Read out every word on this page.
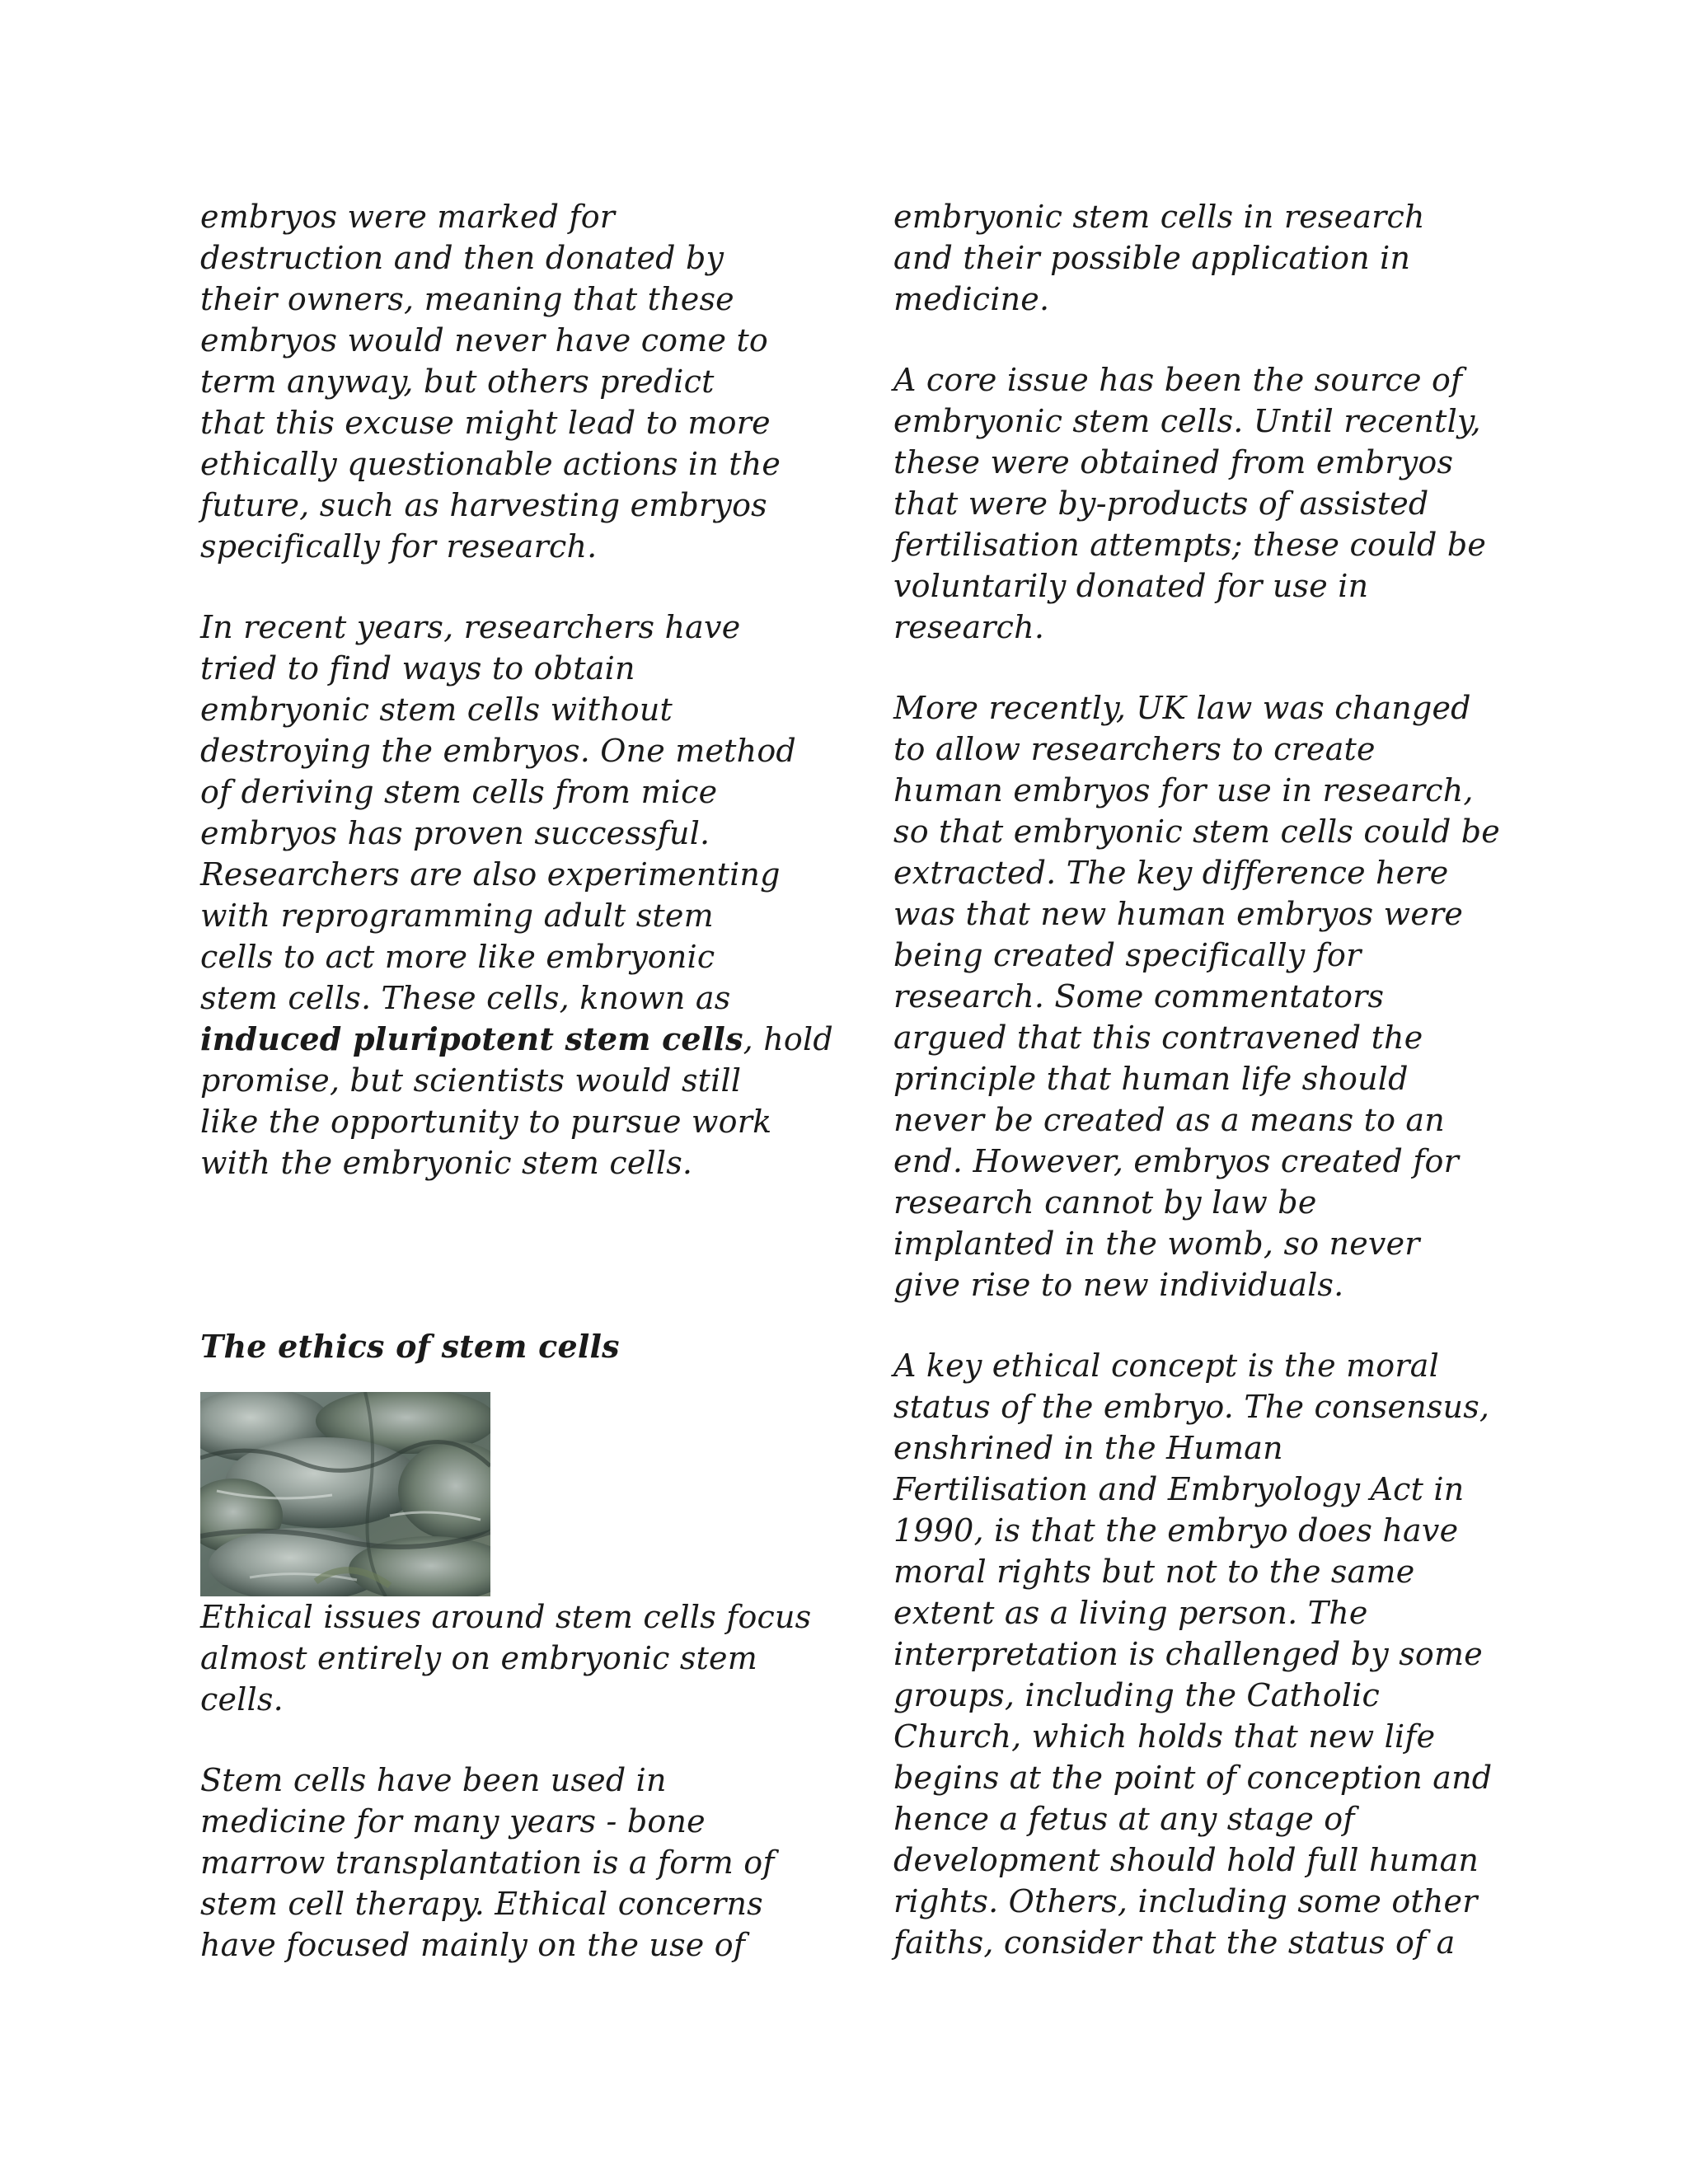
embryos were marked for
destruction and then donated by
their owners, meaning that these
embryos would never have come to
term anyway, but others predict
that this excuse might lead to more
ethically questionable actions in the
future, such as harvesting embryos
specifically for research.

In recent years, researchers have
tried to find ways to obtain
embryonic stem cells without
destroying the embryos. One method
of deriving stem cells from mice
embryos has proven successful.
Researchers are also experimenting
with reprogramming adult stem
cells to act more like embryonic
stem cells. These cells, known as
induced pluripotent stem cells, hold
promise, but scientists would still
like the opportunity to pursue work
with the embryonic stem cells.

The ethics of stem cells

Ethical issues around stem cells focus almost entirely on embryonic stem cells.

Stem cells have been used in
medicine for many years - bone
marrow transplantation is a form of
stem cell therapy. Ethical concerns
have focused mainly on the use of

embryonic stem cells in research
and their possible application in
medicine.

A core issue has been the source of
embryonic stem cells. Until recently,
these were obtained from embryos
that were by-products of assisted
fertilisation attempts; these could be
voluntarily donated for use in
research.

More recently, UK law was changed
to allow researchers to create
human embryos for use in research,
so that embryonic stem cells could be
extracted. The key difference here
was that new human embryos were
being created specifically for
research. Some commentators
argued that this contravened the
principle that human life should
never be created as a means to an
end. However, embryos created for
research cannot by law be
implanted in the womb, so never
give rise to new individuals.

A key ethical concept is the moral
status of the embryo. The consensus,
enshrined in the Human
Fertilisation and Embryology Act in
1990, is that the embryo does have
moral rights but not to the same
extent as a living person. The
interpretation is challenged by some
groups, including the Catholic
Church, which holds that new life
begins at the point of conception and
hence a fetus at any stage of
development should hold full human
rights. Others, including some other
faiths, consider that the status of a
